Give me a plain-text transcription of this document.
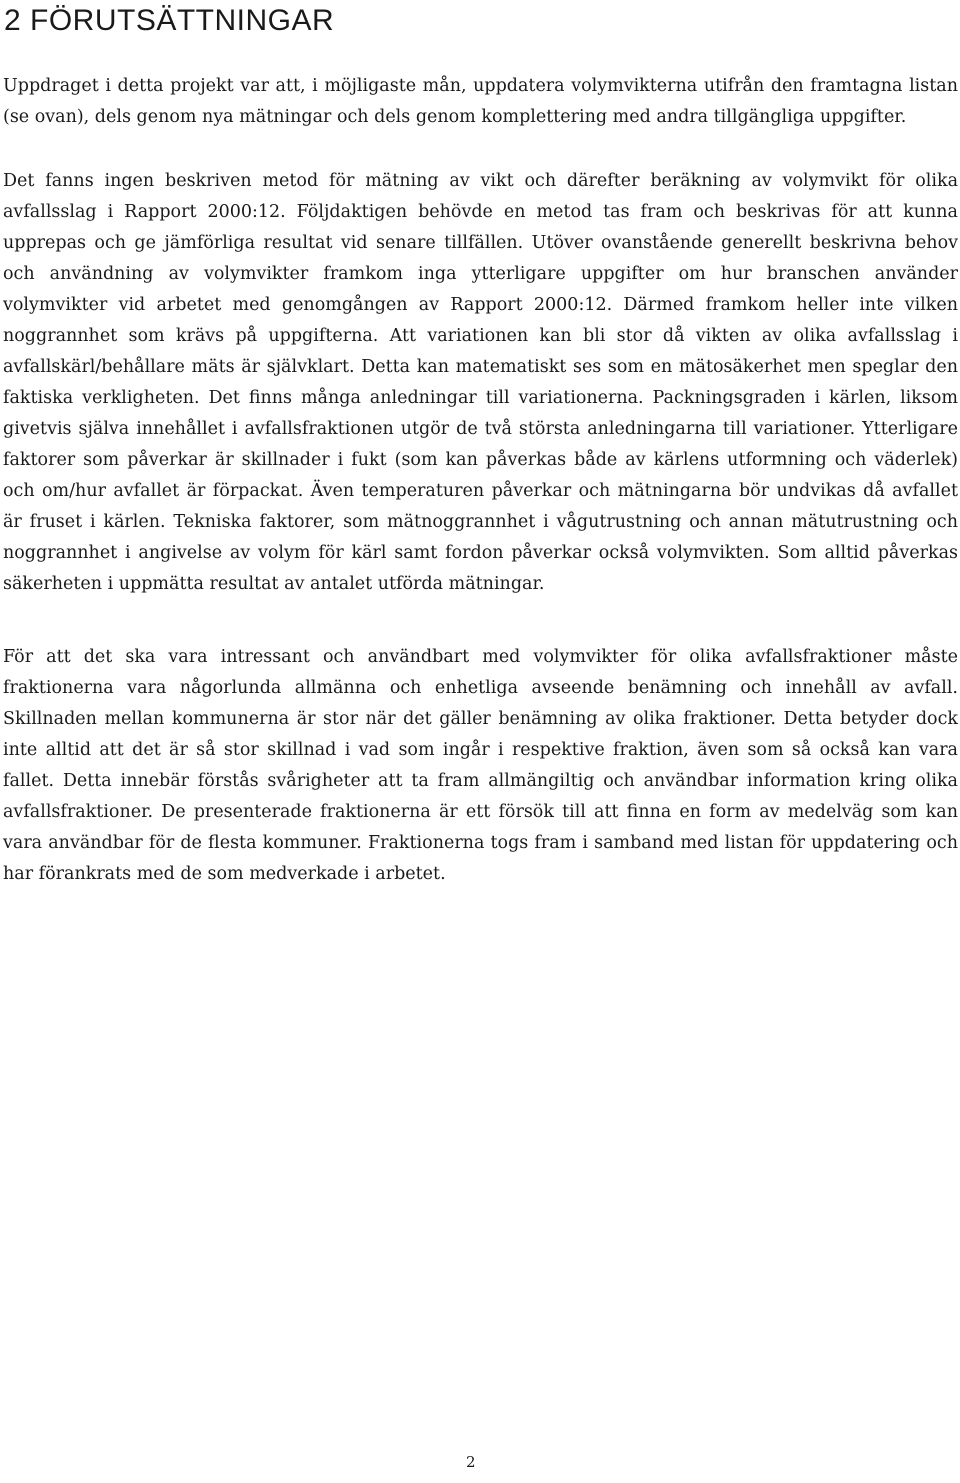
2 FÖRUTSÄTTNINGAR

Uppdraget i detta projekt var att, i möjligaste mån, uppdatera volymvikterna utifrån den framtagna listan (se ovan), dels genom nya mätningar och dels genom komplettering med andra tillgängliga uppgifter.

Det fanns ingen beskriven metod för mätning av vikt och därefter beräkning av volymvikt för olika avfallsslag i Rapport 2000:12. Följdaktigen behövde en metod tas fram och beskrivas för att kunna upprepas och ge jämförliga resultat vid senare tillfällen. Utöver ovanstående generellt beskrivna behov och användning av volymvikter framkom inga ytterligare uppgifter om hur branschen använder volymvikter vid arbetet med genomgången av Rapport 2000:12. Därmed framkom heller inte vilken noggrannhet som krävs på uppgifterna. Att variationen kan bli stor då vikten av olika avfallsslag i avfallskärl/behållare mäts är självklart. Detta kan matematiskt ses som en mätosäkerhet men speglar den faktiska verkligheten. Det finns många anledningar till variationerna. Packningsgraden i kärlen, liksom givetvis själva innehållet i avfallsfraktionen utgör de två största anledningarna till variationer. Ytterligare faktorer som påverkar är skillnader i fukt (som kan påverkas både av kärlens utformning och väderlek) och om/hur avfallet är förpackat. Även temperaturen påverkar och mätningarna bör undvikas då avfallet är fruset i kärlen. Tekniska faktorer, som mätnoggrannhet i vågutrustning och annan mätutrustning och noggrannhet i angivelse av volym för kärl samt fordon påverkar också volymvikten. Som alltid påverkas säkerheten i uppmätta resultat av antalet utförda mätningar.

För att det ska vara intressant och användbart med volymvikter för olika avfallsfraktioner måste fraktionerna vara någorlunda allmänna och enhetliga avseende benämning och innehåll av avfall. Skillnaden mellan kommunerna är stor när det gäller benämning av olika fraktioner. Detta betyder dock inte alltid att det är så stor skillnad i vad som ingår i respektive fraktion, även som så också kan vara fallet. Detta innebär förstås svårigheter att ta fram allmängiltig och användbar information kring olika avfallsfraktioner. De presenterade fraktionerna är ett försök till att finna en form av medelväg som kan vara användbar för de flesta kommuner. Fraktionerna togs fram i samband med listan för uppdatering och har förankrats med de som medverkade i arbetet.

2
